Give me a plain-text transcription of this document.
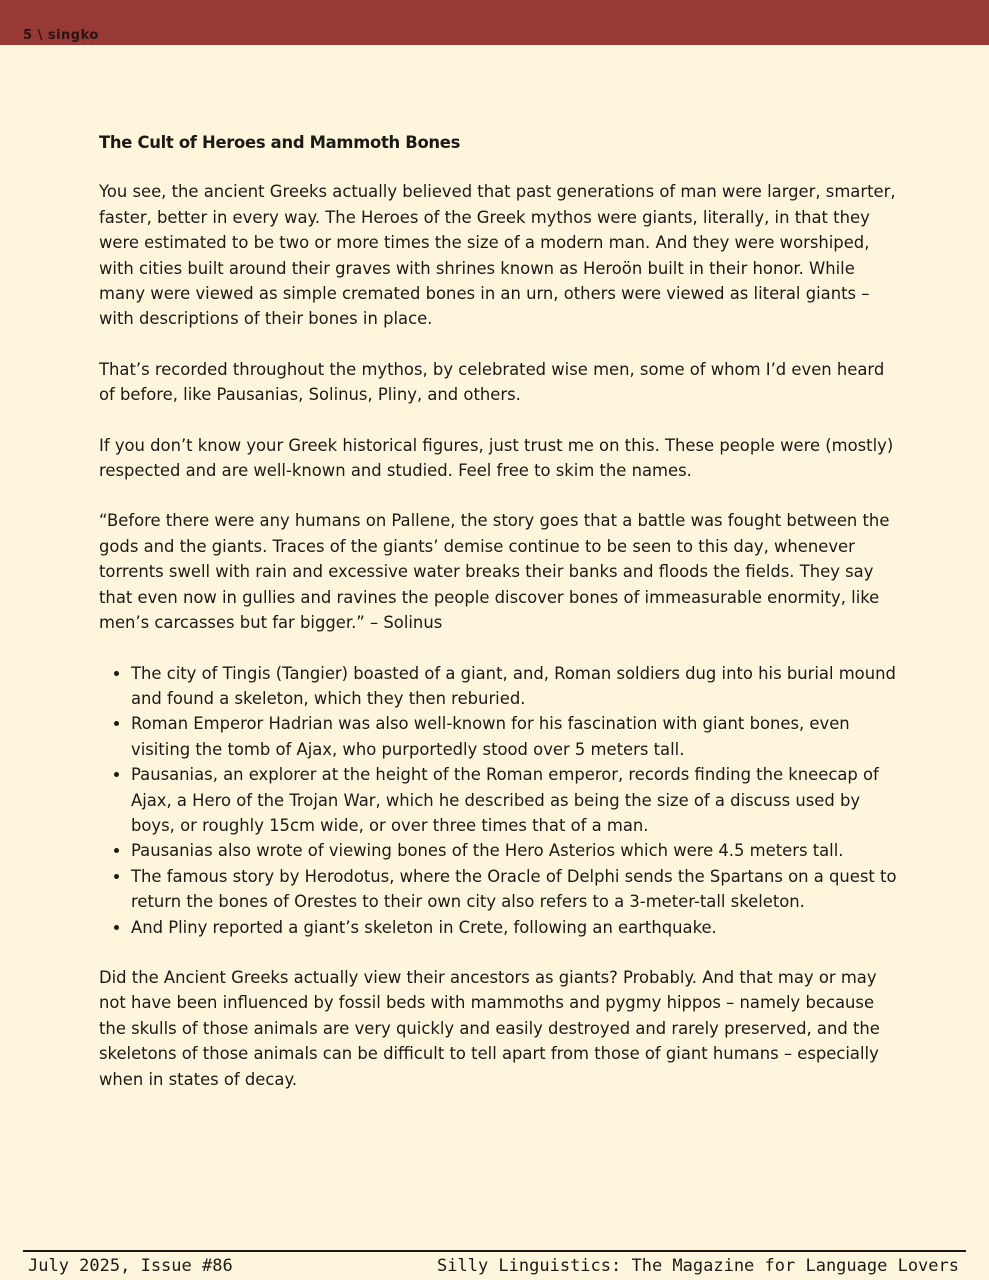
5 \ singko
The Cult of Heroes and Mammoth Bones

You see, the ancient Greeks actually believed that past generations of man were larger, smarter, faster, better in every way. The Heroes of the Greek mythos were giants, literally, in that they were estimated to be two or more times the size of a modern man. And they were worshiped, with cities built around their graves with shrines known as Heroön built in their honor. While many were viewed as simple cremated bones in an urn, others were viewed as literal giants – with descriptions of their bones in place.

That’s recorded throughout the mythos, by celebrated wise men, some of whom I’d even heard of before, like Pausanias, Solinus, Pliny, and others.

If you don’t know your Greek historical figures, just trust me on this. These people were (mostly) respected and are well-known and studied. Feel free to skim the names.

“Before there were any humans on Pallene, the story goes that a battle was fought between the gods and the giants. Traces of the giants’ demise continue to be seen to this day, whenever torrents swell with rain and excessive water breaks their banks and floods the fields. They say that even now in gullies and ravines the people discover bones of immeasurable enormity, like men’s carcasses but far bigger.” – Solinus

• The city of Tingis (Tangier) boasted of a giant, and, Roman soldiers dug into his burial mound and found a skeleton, which they then reburied.
• Roman Emperor Hadrian was also well-known for his fascination with giant bones, even visiting the tomb of Ajax, who purportedly stood over 5 meters tall.
• Pausanias, an explorer at the height of the Roman emperor, records finding the kneecap of Ajax, a Hero of the Trojan War, which he described as being the size of a discuss used by boys, or roughly 15cm wide, or over three times that of a man.
• Pausanias also wrote of viewing bones of the Hero Asterios which were 4.5 meters tall.
• The famous story by Herodotus, where the Oracle of Delphi sends the Spartans on a quest to return the bones of Orestes to their own city also refers to a 3-meter-tall skeleton.
• And Pliny reported a giant’s skeleton in Crete, following an earthquake.

Did the Ancient Greeks actually view their ancestors as giants? Probably. And that may or may not have been influenced by fossil beds with mammoths and pygmy hippos – namely because the skulls of those animals are very quickly and easily destroyed and rarely preserved, and the skeletons of those animals can be difficult to tell apart from those of giant humans – especially when in states of decay.

July 2025, Issue #86	Silly Linguistics: The Magazine for Language Lovers
